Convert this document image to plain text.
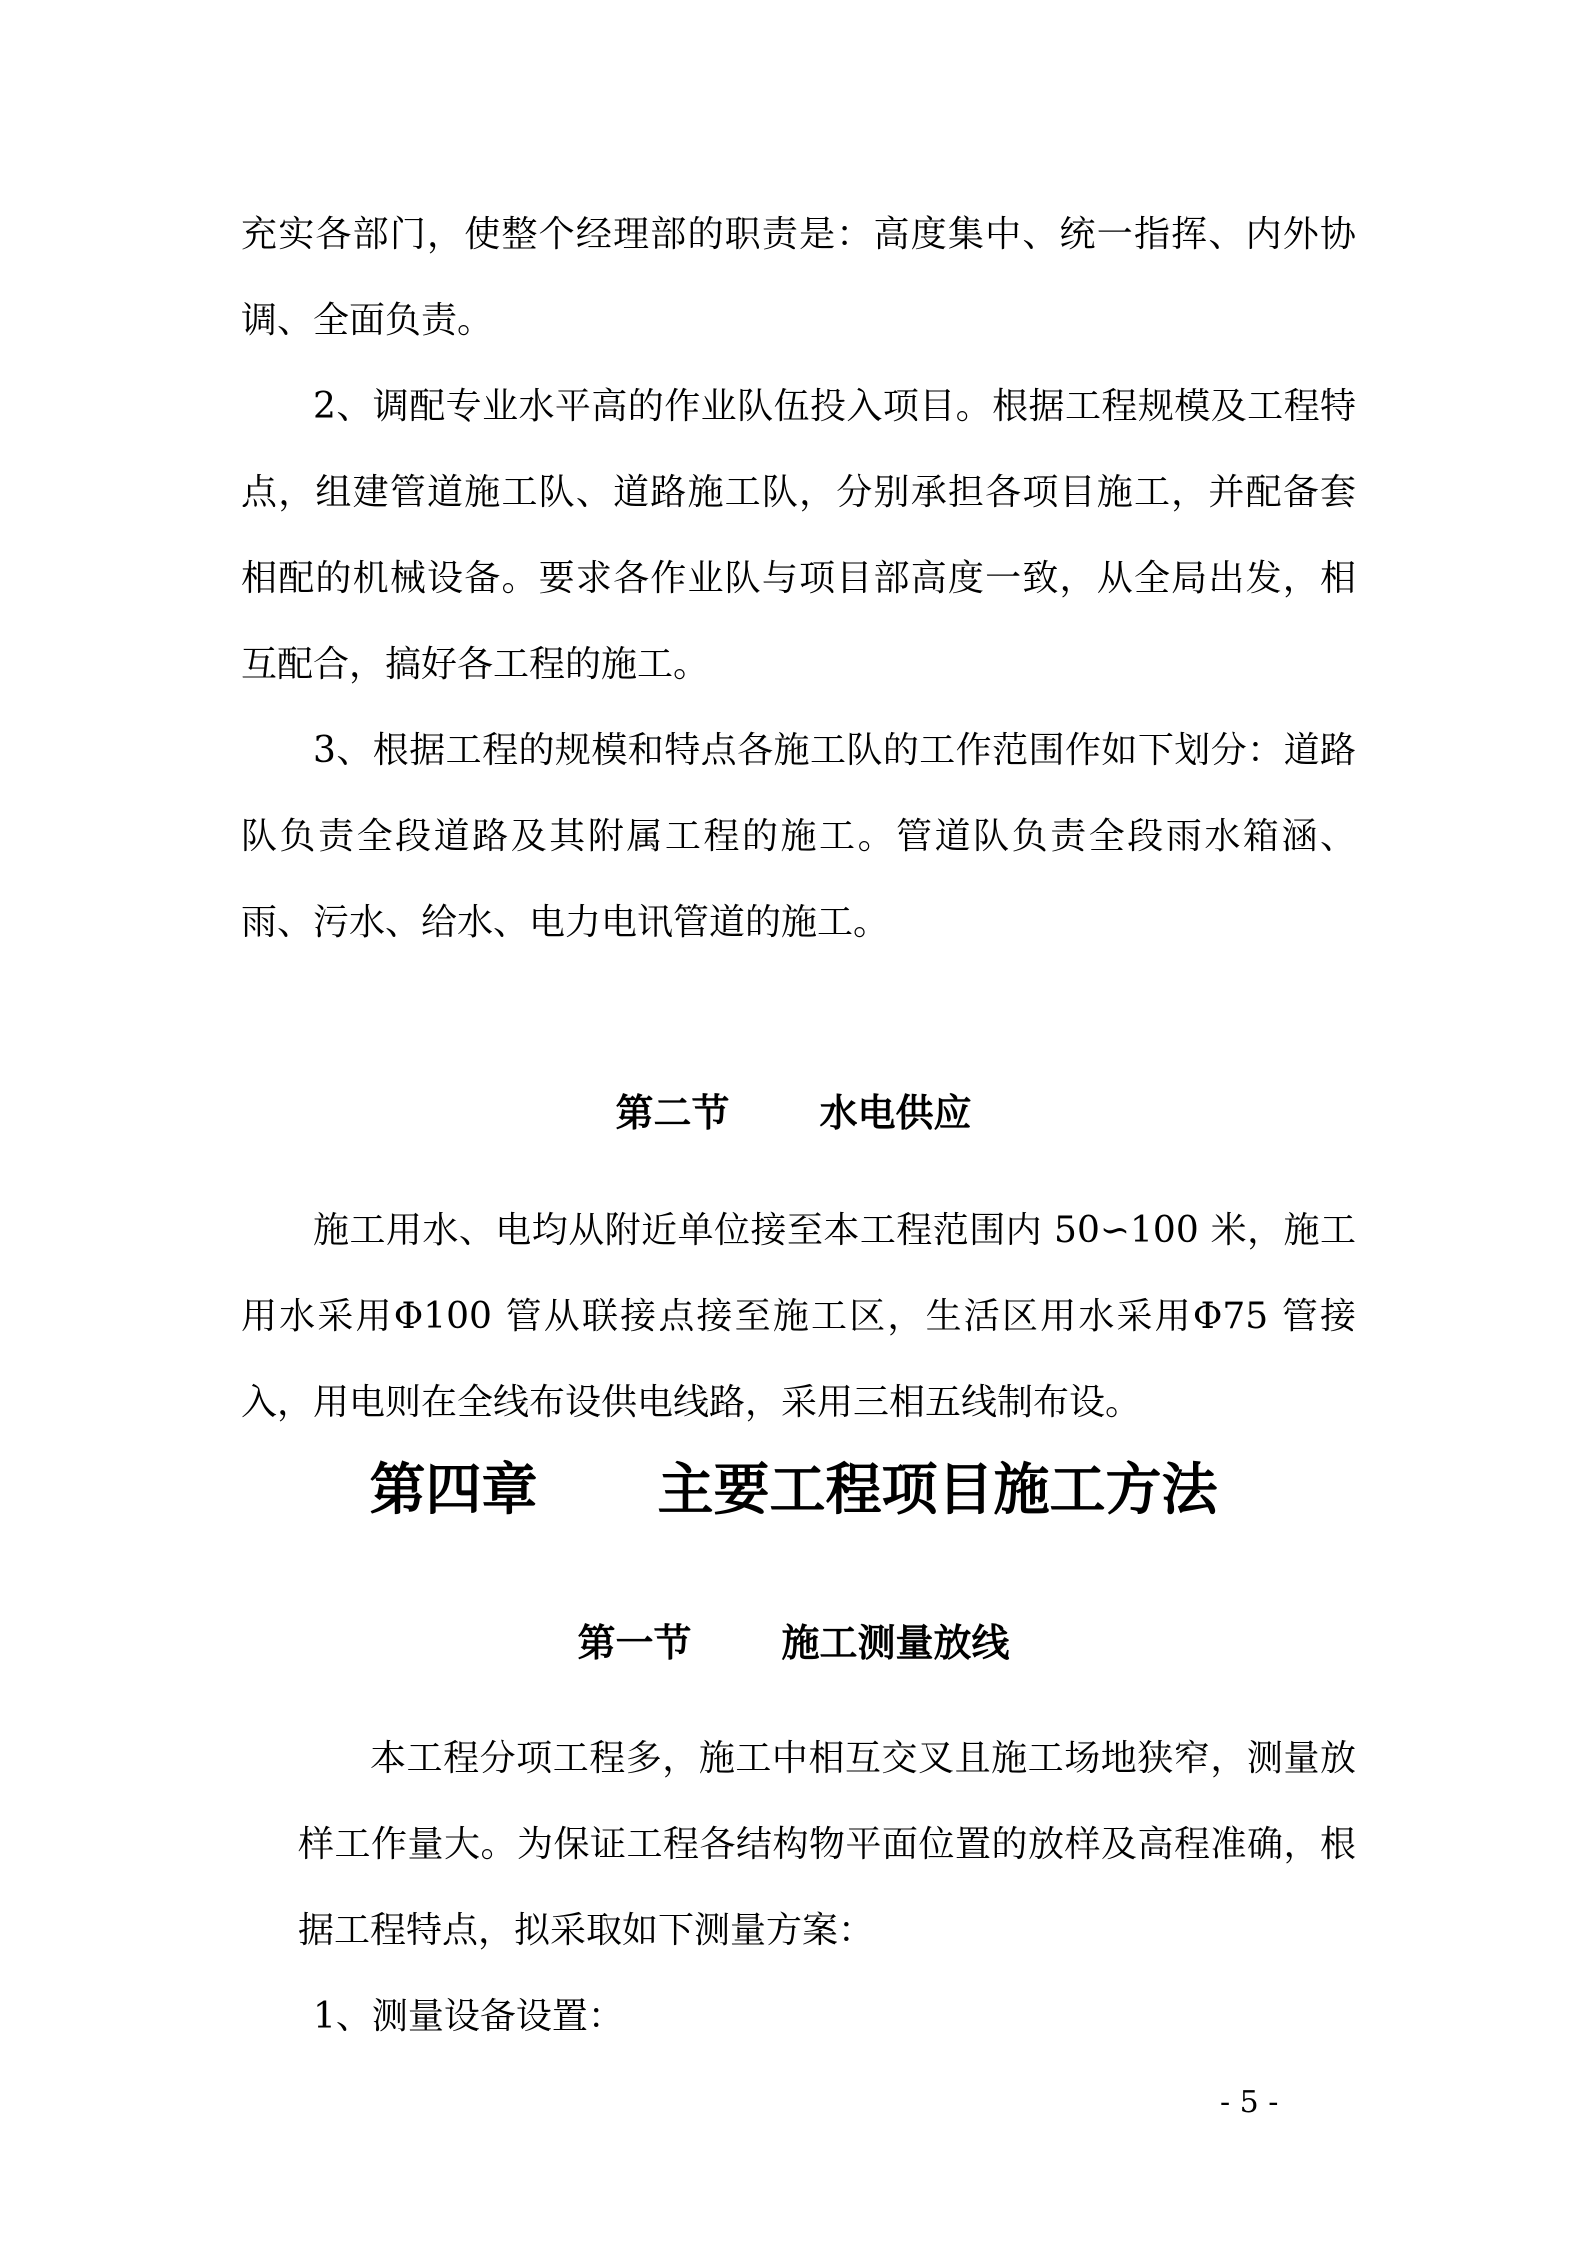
充实各部门，使整个经理部的职责是：高度集中、统一指挥、内外协调、全面负责。

2、调配专业水平高的作业队伍投入项目。根据工程规模及工程特点，组建管道施工队、道路施工队，分别承担各项目施工，并配备套相配的机械设备。要求各作业队与项目部高度一致，从全局出发，相互配合，搞好各工程的施工。

3、根据工程的规模和特点各施工队的工作范围作如下划分：道路队负责全段道路及其附属工程的施工。管道队负责全段雨水箱涵、雨、污水、给水、电力电讯管道的施工。

第二节 水电供应

施工用水、电均从附近单位接至本工程范围内 50∽100 米，施工用水采用Φ100 管从联接点接至施工区，生活区用水采用Φ75 管接入，用电则在全线布设供电线路，采用三相五线制布设。

第四章 主要工程项目施工方法
第一节 施工测量放线

本工程分项工程多，施工中相互交叉且施工场地狭窄，测量放样工作量大。为保证工程各结构物平面位置的放样及高程准确，根据工程特点，拟采取如下测量方案：

1、测量设备设置：

- 5 -
